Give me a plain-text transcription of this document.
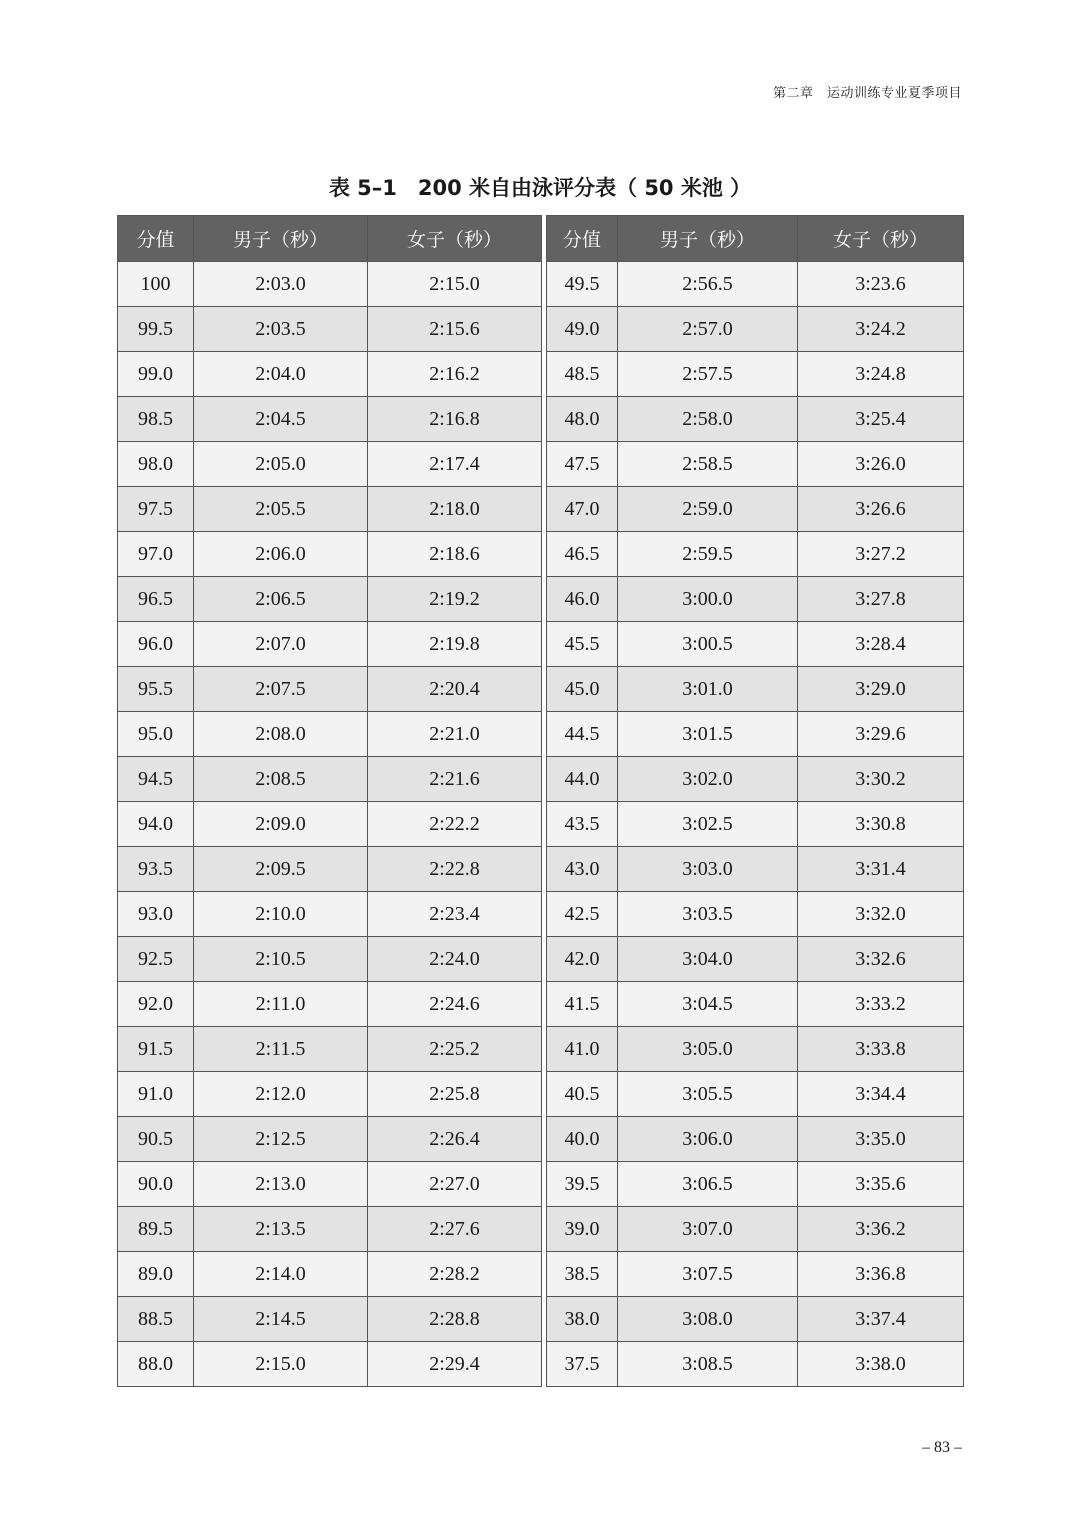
第二章　运动训练专业夏季项目
表 5–1　200 米自由泳评分表（ 50 米池 ）
分值	男子（秒）	女子（秒）
100	2:03.0	2:15.0
99.5	2:03.5	2:15.6
99.0	2:04.0	2:16.2
98.5	2:04.5	2:16.8
98.0	2:05.0	2:17.4
97.5	2:05.5	2:18.0
97.0	2:06.0	2:18.6
96.5	2:06.5	2:19.2
96.0	2:07.0	2:19.8
95.5	2:07.5	2:20.4
95.0	2:08.0	2:21.0
94.5	2:08.5	2:21.6
94.0	2:09.0	2:22.2
93.5	2:09.5	2:22.8
93.0	2:10.0	2:23.4
92.5	2:10.5	2:24.0
92.0	2:11.0	2:24.6
91.5	2:11.5	2:25.2
91.0	2:12.0	2:25.8
90.5	2:12.5	2:26.4
90.0	2:13.0	2:27.0
89.5	2:13.5	2:27.6
89.0	2:14.0	2:28.2
88.5	2:14.5	2:28.8
88.0	2:15.0	2:29.4
分值	男子（秒）	女子（秒）
49.5	2:56.5	3:23.6
49.0	2:57.0	3:24.2
48.5	2:57.5	3:24.8
48.0	2:58.0	3:25.4
47.5	2:58.5	3:26.0
47.0	2:59.0	3:26.6
46.5	2:59.5	3:27.2
46.0	3:00.0	3:27.8
45.5	3:00.5	3:28.4
45.0	3:01.0	3:29.0
44.5	3:01.5	3:29.6
44.0	3:02.0	3:30.2
43.5	3:02.5	3:30.8
43.0	3:03.0	3:31.4
42.5	3:03.5	3:32.0
42.0	3:04.0	3:32.6
41.5	3:04.5	3:33.2
41.0	3:05.0	3:33.8
40.5	3:05.5	3:34.4
40.0	3:06.0	3:35.0
39.5	3:06.5	3:35.6
39.0	3:07.0	3:36.2
38.5	3:07.5	3:36.8
38.0	3:08.0	3:37.4
37.5	3:08.5	3:38.0
– 83 –
